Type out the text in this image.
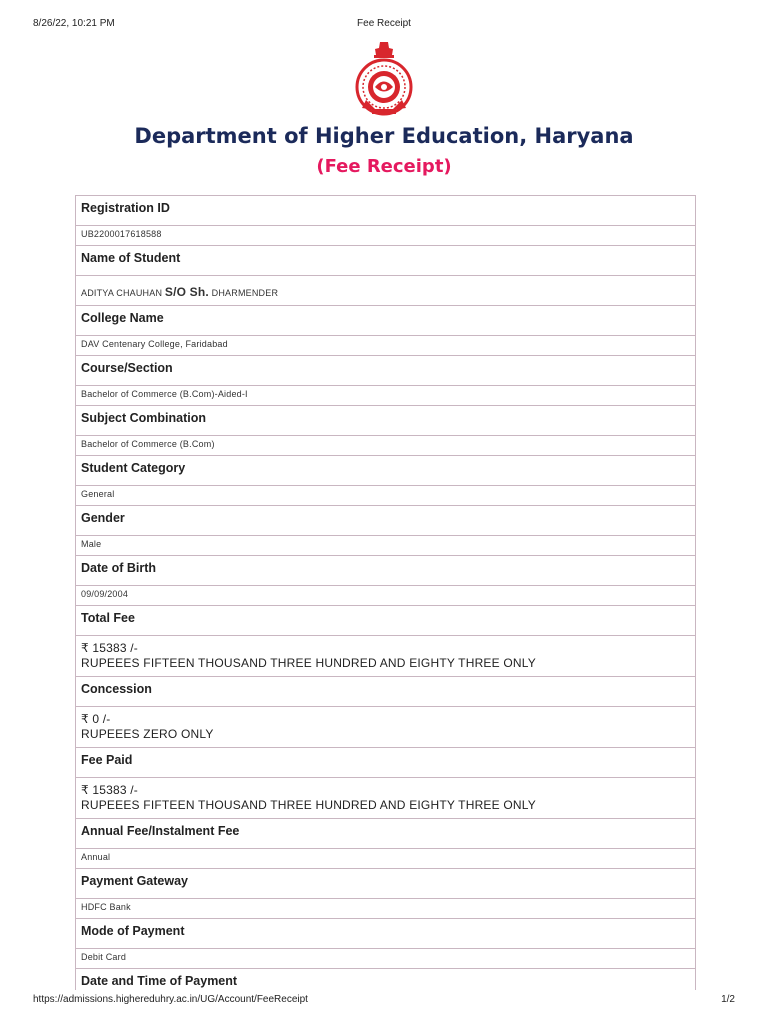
8/26/22, 10:21 PM	Fee Receipt
Department of Higher Education, Haryana
(Fee Receipt)
Registration ID
UB2200017618588
Name of Student
ADITYA CHAUHAN S/O Sh. DHARMENDER
College Name
DAV Centenary College, Faridabad
Course/Section
Bachelor of Commerce (B.Com)-Aided-I
Subject Combination
Bachelor of Commerce (B.Com)
Student Category
General
Gender
Male
Date of Birth
09/09/2004
Total Fee
₹ 15383 /-
RUPEEES FIFTEEN THOUSAND THREE HUNDRED AND EIGHTY THREE ONLY
Concession
₹ 0 /-
RUPEEES ZERO ONLY
Fee Paid
₹ 15383 /-
RUPEEES FIFTEEN THOUSAND THREE HUNDRED AND EIGHTY THREE ONLY
Annual Fee/Instalment Fee
Annual
Payment Gateway
HDFC Bank
Mode of Payment
Debit Card
Date and Time of Payment
https://admissions.highereduhry.ac.in/UG/Account/FeeReceipt	1/2
